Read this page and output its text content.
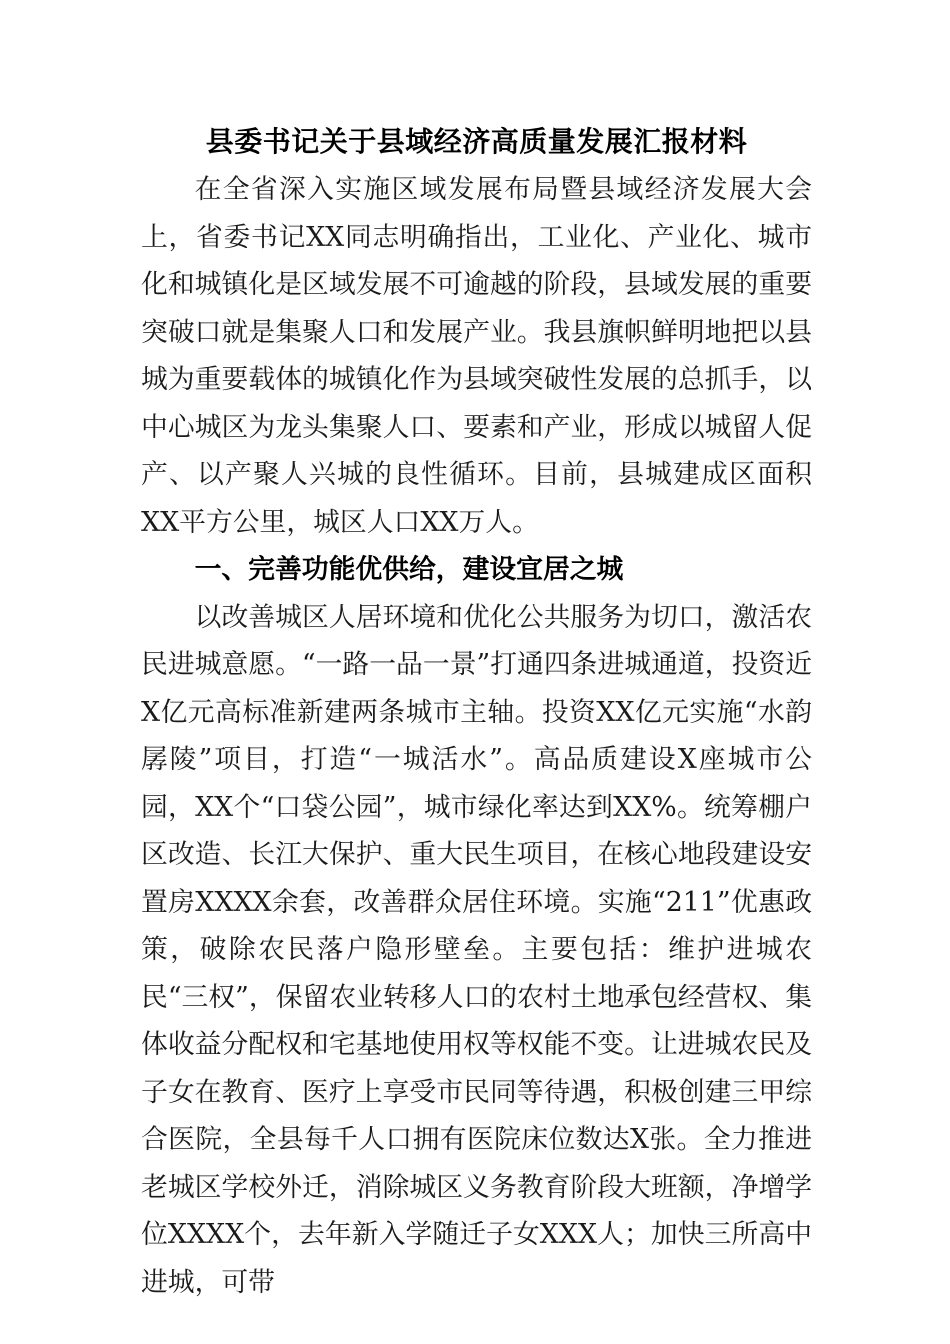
县委书记关于县域经济高质量发展汇报材料

在全省深入实施区域发展布局暨县域经济发展大会上，省委书记XX同志明确指出，工业化、产业化、城市化和城镇化是区域发展不可逾越的阶段，县域发展的重要突破口就是集聚人口和发展产业。我县旗帜鲜明地把以县城为重要载体的城镇化作为县域突破性发展的总抓手，以中心城区为龙头集聚人口、要素和产业，形成以城留人促产、以产聚人兴城的良性循环。目前，县城建成区面积XX平方公里，城区人口XX万人。

一、完善功能优供给，建设宜居之城

以改善城区人居环境和优化公共服务为切口，激活农民进城意愿。“一路一品一景”打通四条进城通道，投资近X亿元高标准新建两条城市主轴。投资XX亿元实施“水韵孱陵”项目，打造“一城活水”。高品质建设X座城市公园，XX个“口袋公园”，城市绿化率达到XX%。统筹棚户区改造、长江大保护、重大民生项目，在核心地段建设安置房XXXX余套，改善群众居住环境。实施“211”优惠政策，破除农民落户隐形壁垒。主要包括：维护进城农民“三权”，保留农业转移人口的农村土地承包经营权、集体收益分配权和宅基地使用权等权能不变。让进城农民及子女在教育、医疗上享受市民同等待遇，积极创建三甲综合医院，全县每千人口拥有医院床位数达X张。全力推进老城区学校外迁，消除城区义务教育阶段大班额，净增学位XXXX个，去年新入学随迁子女XXX人；加快三所高中进城，可带
